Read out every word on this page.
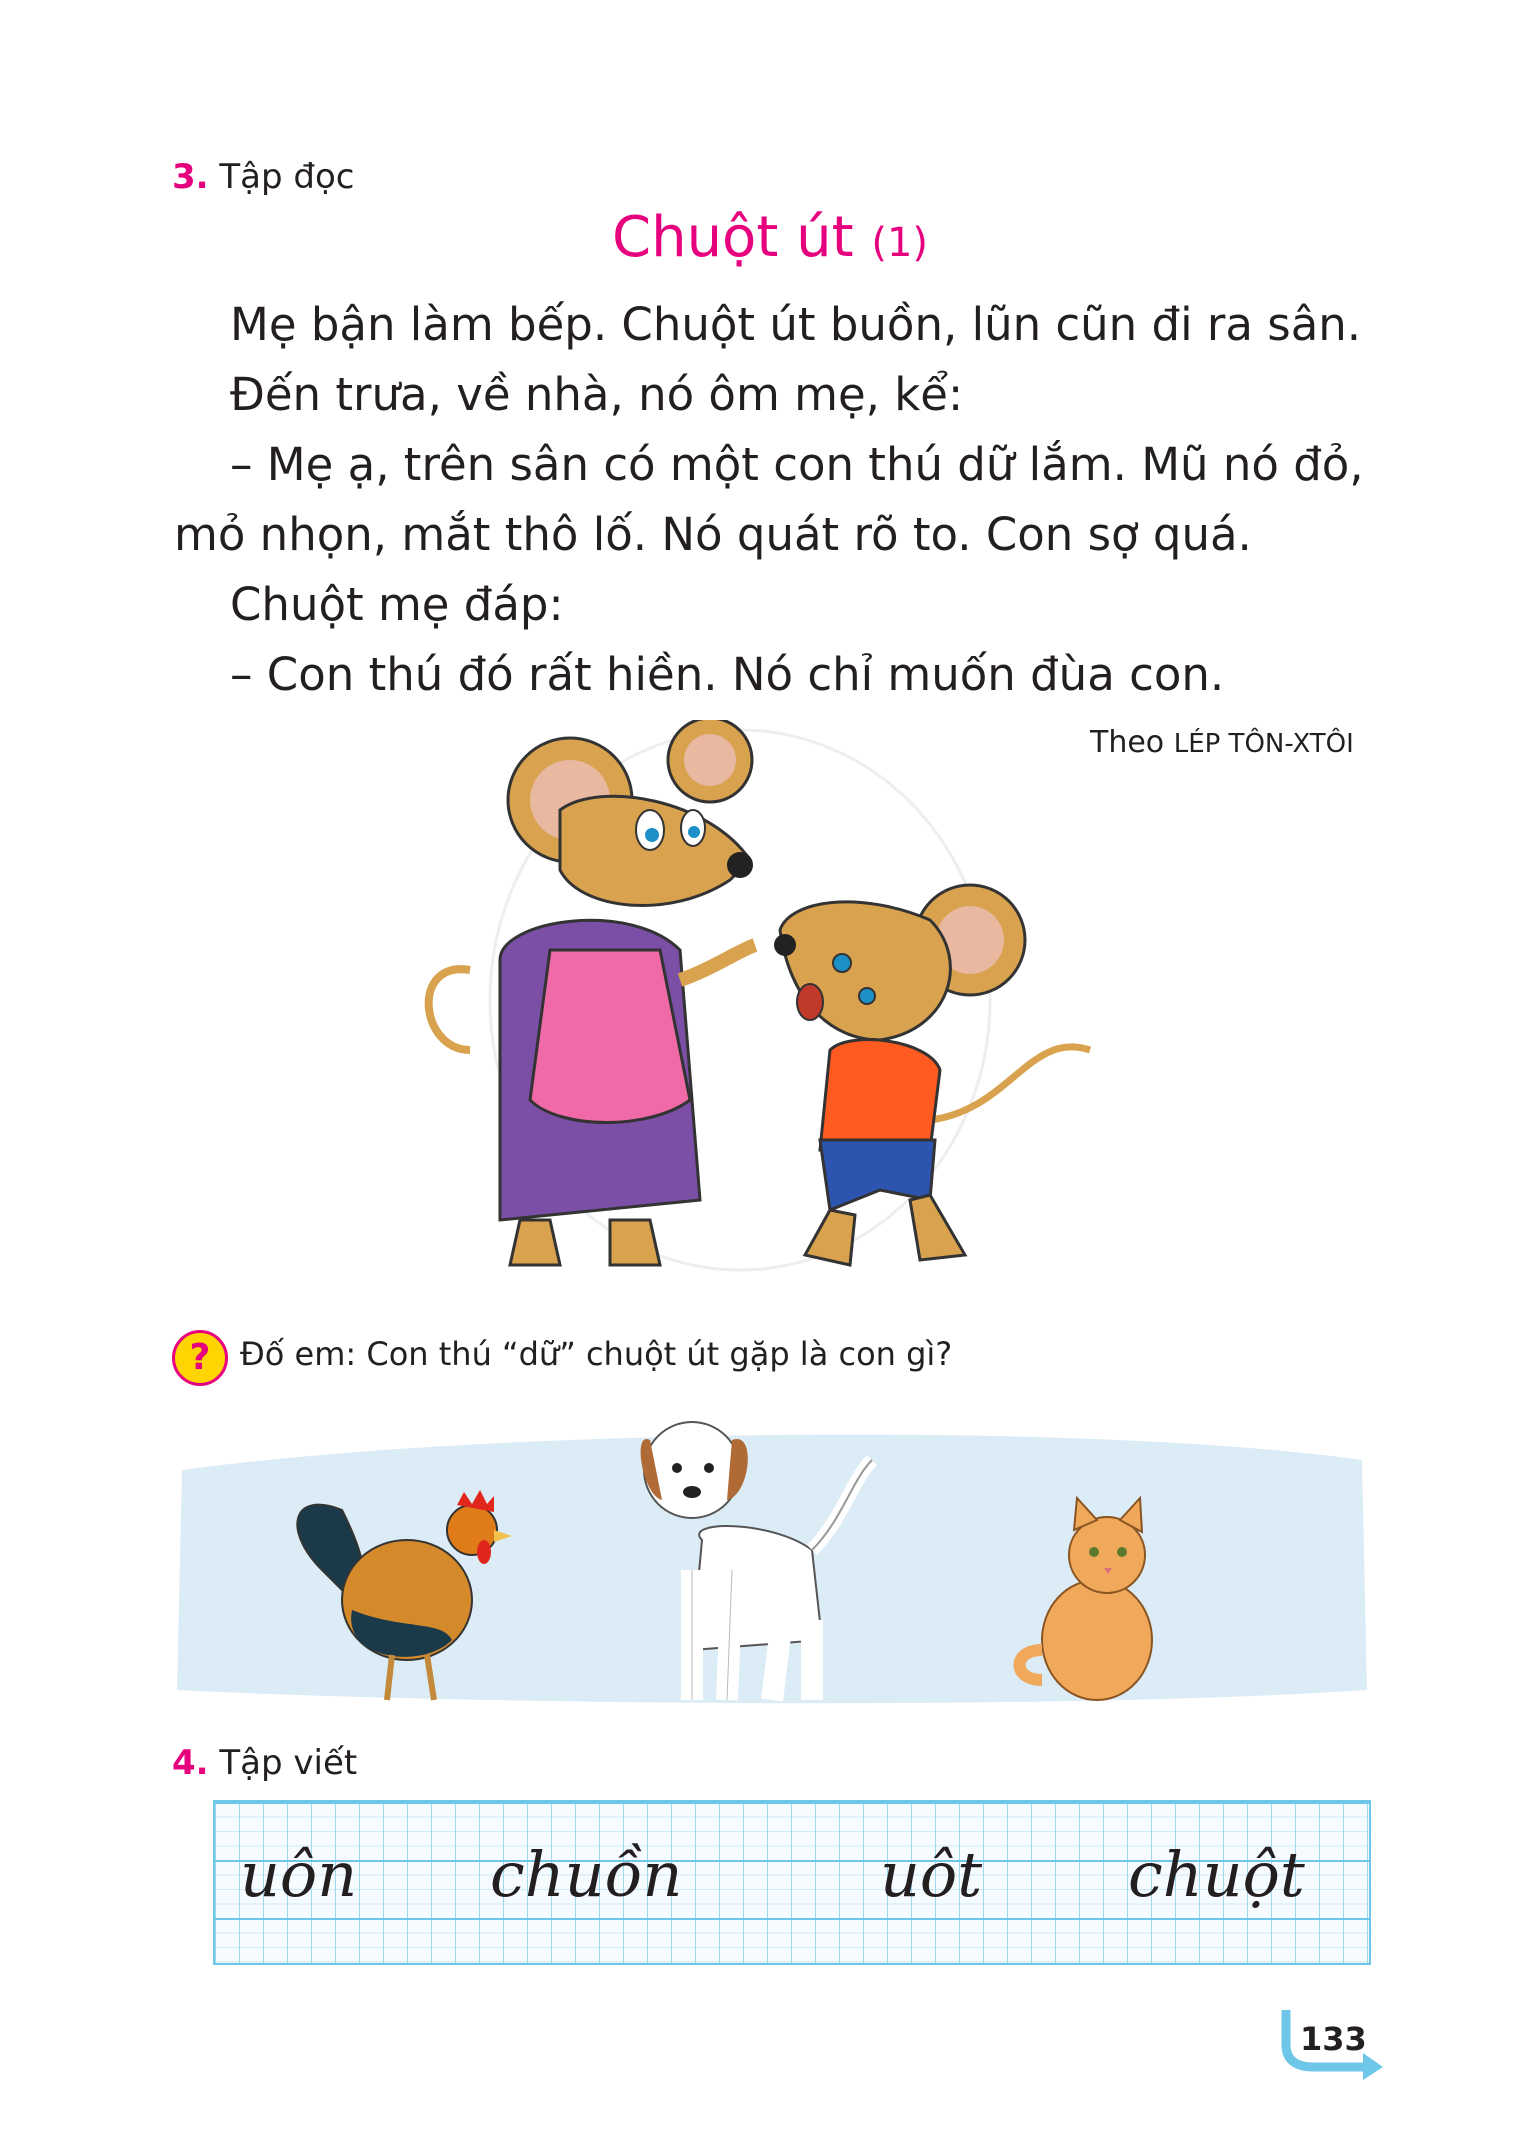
3. Tập đọc
Chuột út (1)
Mẹ bận làm bếp. Chuột út buồn, lũn cũn đi ra sân.
Đến trưa, về nhà, nó ôm mẹ, kể:
– Mẹ ạ, trên sân có một con thú dữ lắm. Mũ nó đỏ,
mỏ nhọn, mắt thô lố. Nó quát rõ to. Con sợ quá.
Chuột mẹ đáp:
– Con thú đó rất hiền. Nó chỉ muốn đùa con.
Theo LÉP TÔN-XTÔI
? Đố em: Con thú “dữ” chuột út gặp là con gì?
4. Tập viết
uôn chuồn	uôt chuột
133
